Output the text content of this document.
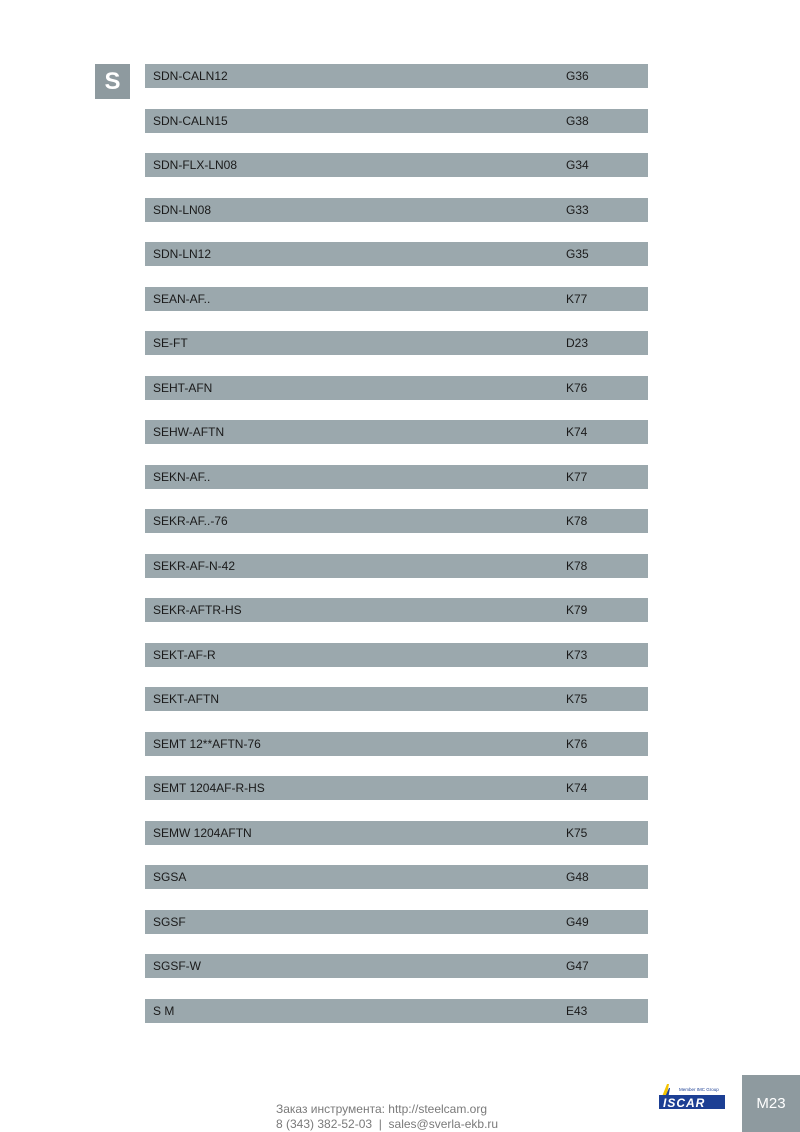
S	SDN-CALN12	G36
SDN-CALN15	G38
SDN-FLX-LN08	G34
SDN-LN08	G33
SDN-LN12	G35
SEAN-AF..	K77
SE-FT	D23
SEHT-AFN	K76
SEHW-AFTN	K74
SEKN-AF..	K77
SEKR-AF..-76	K78
SEKR-AF-N-42	K78
SEKR-AFTR-HS	K79
SEKT-AF-R	K73
SEKT-AFTN	K75
SEMT 12**AFTN-76	K76
SEMT 1204AF-R-HS	K74
SEMW 1204AFTN	K75
SGSA	G48
SGSF	G49
SGSF-W	G47
S M	E43
Заказ инструмента: http://steelcam.org
8 (343) 382-52-03  |  sales@sverla-ekb.ru
Member IMC Group
ISCAR	M23
